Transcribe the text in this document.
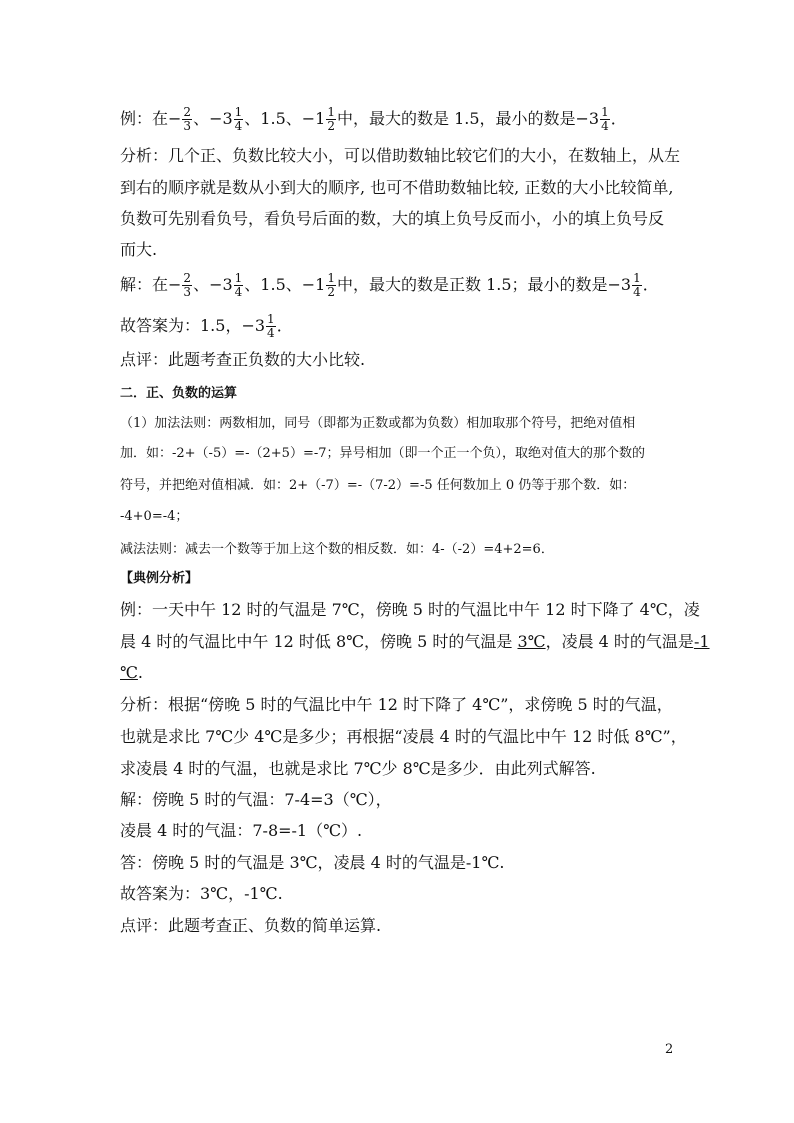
例：在− $\frac{2}{3}$ 、$-3 \frac{1}{4}$ 、1.5、$-1 \frac{1}{2}$ 中，最大的数是 1.5，最小的数是$-3 \frac{1}{4}$ ．
分析：几个正、负数比较大小，可以借助数轴比较它们的大小，在数轴上，从左
到右的顺序就是数从小到大的顺序, 也可不借助数轴比较, 正数的大小比较简单,
负数可先别看负号，看负号后面的数，大的填上负号反而小，小的填上负号反
而大.
解：在− $\frac{2}{3}$ 、$-3 \frac{1}{4}$ 、1.5、$-1 \frac{1}{2}$ 中，最大的数是正数 1.5；最小的数是$-3 \frac{1}{4}$ ．
故答案为：1.5，$-3 \frac{1}{4}$ ．
点评：此题考查正负数的大小比较.
二．正、负数的运算
（1）加法法则：两数相加，同号（即都为正数或都为负数）相加取那个符号，把绝对值相
加．如：-2+（-5）=-（2+5）=-7；异号相加（即一个正一个负），取绝对值大的那个数的
符号，并把绝对值相减．如：2+（-7）=-（7-2）=-5 任何数加上 0 仍等于那个数．如：
-4+0=-4；
减法法则：减去一个数等于加上这个数的相反数．如：4-（-2）=4+2=6．
【典例分析】
例：一天中午 12 时的气温是 7℃，傍晚 5 时的气温比中午 12 时下降了 4℃，凌
晨 4 时的气温比中午 12 时低 8℃，傍晚 5 时的气温是 3℃，凌晨 4 时的气温是-1
℃.
分析：根据“傍晚 5 时的气温比中午 12 时下降了 4℃”，求傍晚 5 时的气温，
也就是求比 7℃少 4℃是多少；再根据“凌晨 4 时的气温比中午 12 时低 8℃”，
求凌晨 4 时的气温，也就是求比 7℃少 8℃是多少．由此列式解答.
解：傍晚 5 时的气温：7-4=3（℃），
凌晨 4 时的气温：7-8=-1（℃）.
答：傍晚 5 时的气温是 3℃，凌晨 4 时的气温是-1℃.
故答案为：3℃，-1℃.
点评：此题考查正、负数的简单运算.
2
